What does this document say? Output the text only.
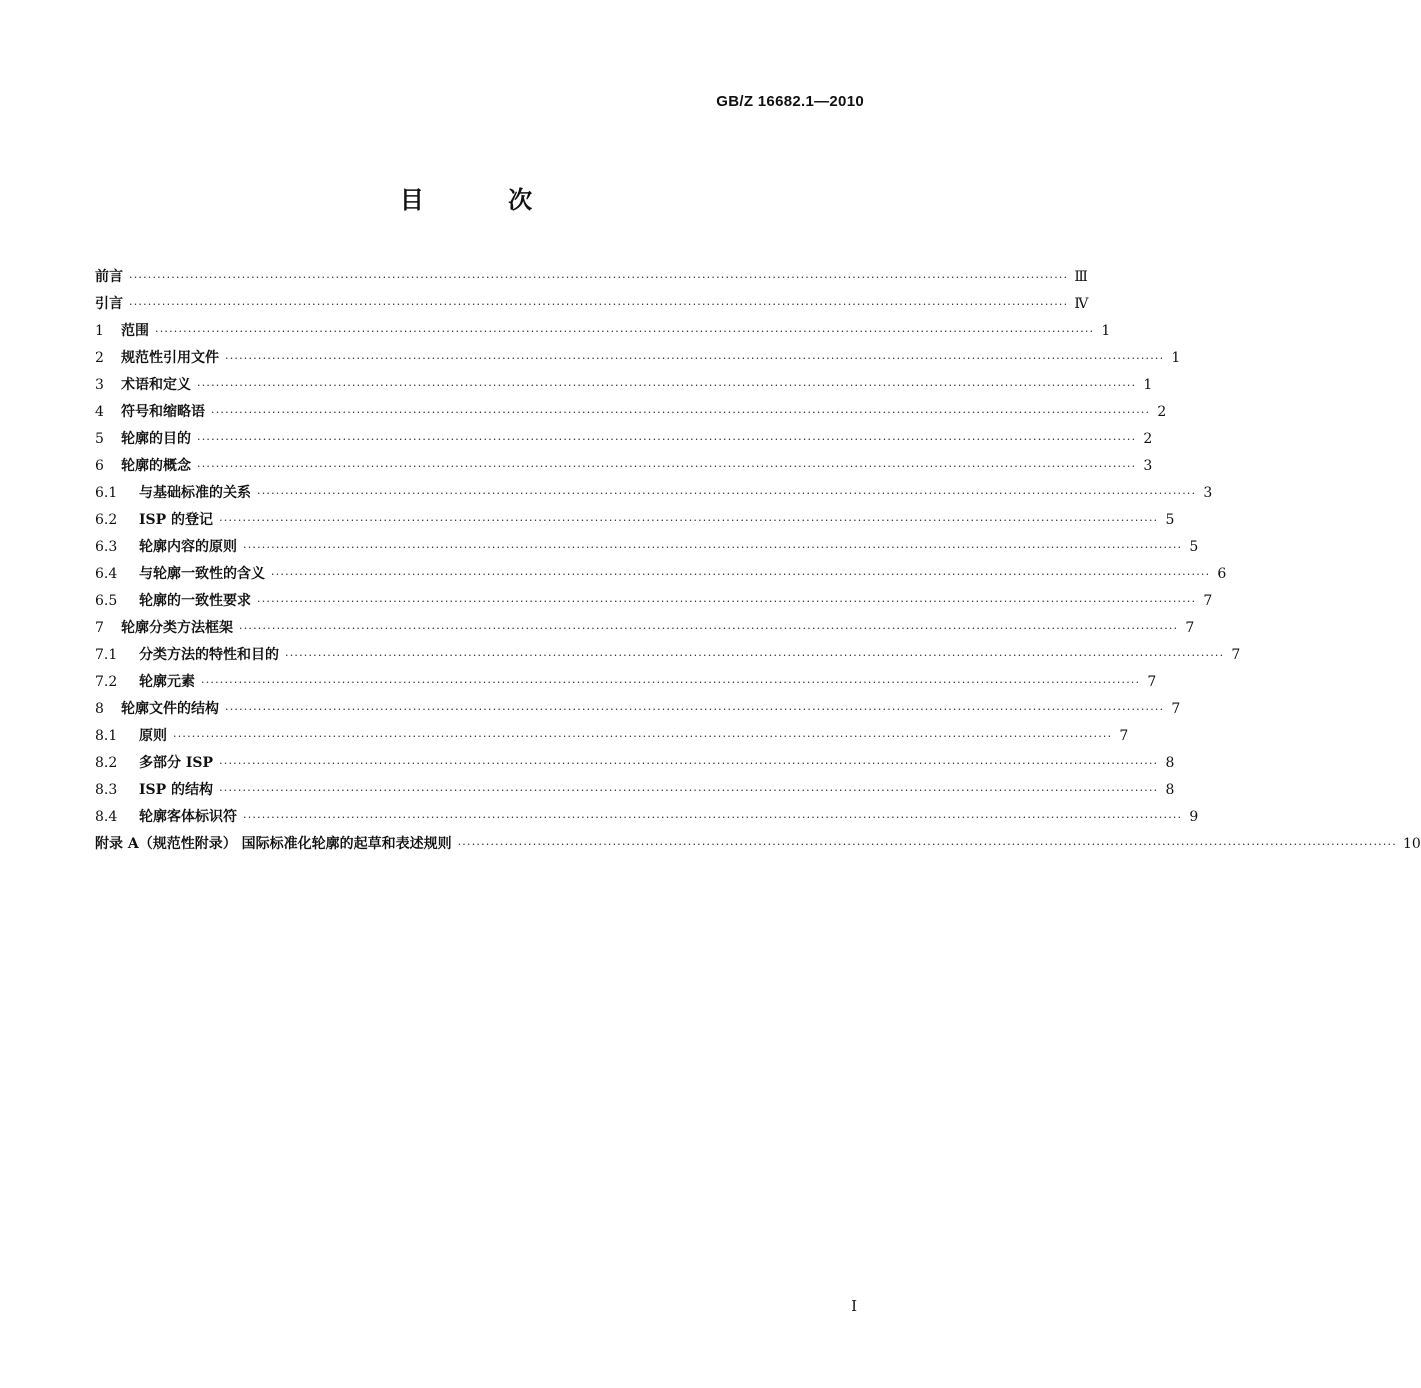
GB/Z 16682.1—2010
目 次
前言 ········································································································································································································ Ⅲ
引言 ········································································································································································································ Ⅳ
1	范围 ········································································································································································································ 1
2	规范性引用文件 ········································································································································································································ 1
3	术语和定义 ········································································································································································································ 1
4	符号和缩略语 ········································································································································································································ 2
5	轮廓的目的 ········································································································································································································ 2
6	轮廓的概念 ········································································································································································································ 3
6.1	与基础标准的关系 ········································································································································································································ 3
6.2	ISP 的登记 ········································································································································································································ 5
6.3	轮廓内容的原则 ········································································································································································································ 5
6.4	与轮廓一致性的含义 ········································································································································································································ 6
6.5	轮廓的一致性要求 ········································································································································································································ 7
7	轮廓分类方法框架 ········································································································································································································ 7
7.1	分类方法的特性和目的 ········································································································································································································ 7
7.2	轮廓元素 ········································································································································································································ 7
8	轮廓文件的结构 ········································································································································································································ 7
8.1	原则 ········································································································································································································ 7
8.2	多部分 ISP ········································································································································································································ 8
8.3	ISP 的结构 ········································································································································································································ 8
8.4	轮廓客体标识符 ········································································································································································································ 9
附录 A（规范性附录） 国际标准化轮廓的起草和表述规则 ········································································································································································································ 10
I
